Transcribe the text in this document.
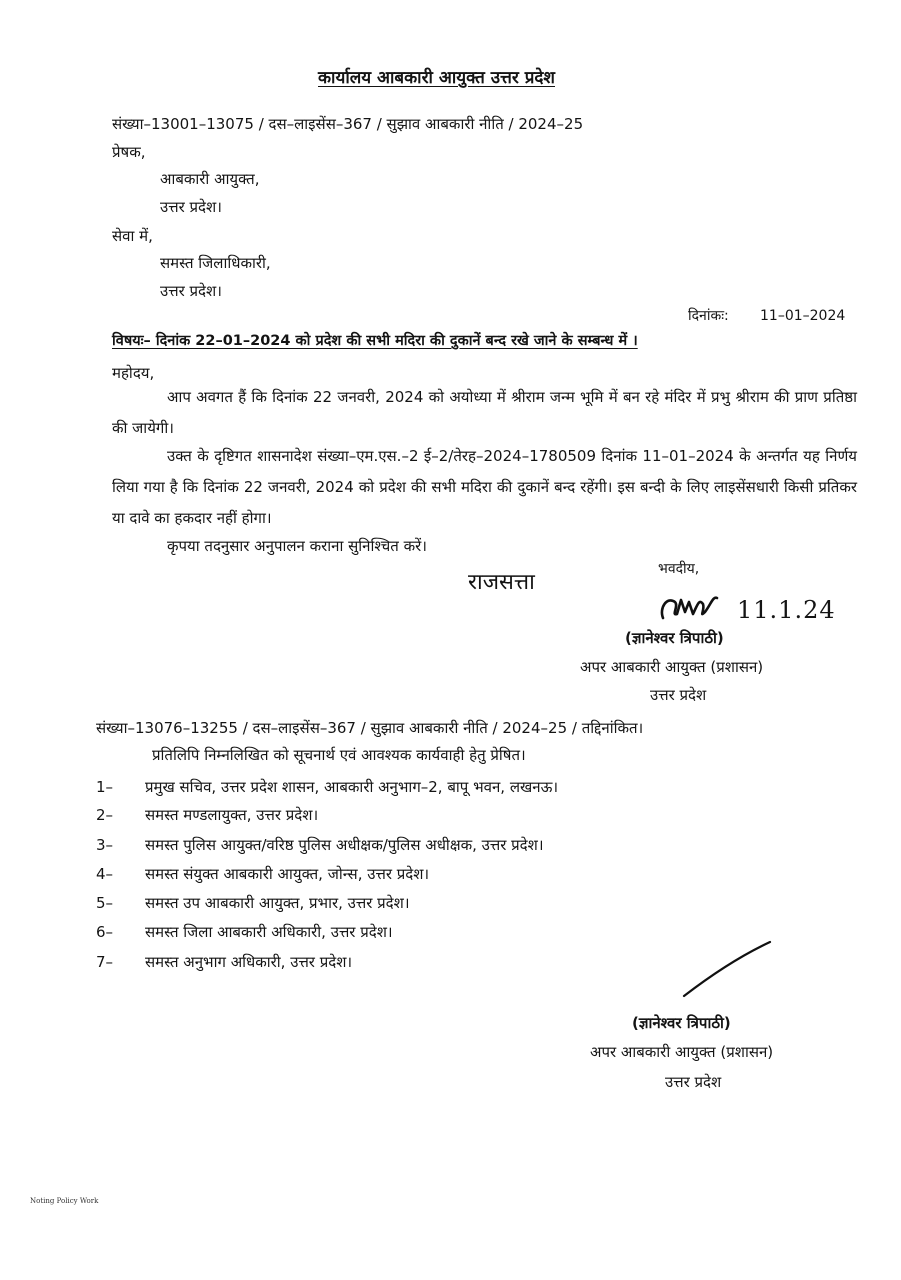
कार्यालय आबकारी आयुक्त उत्तर प्रदेश
संख्या–13001–13075 / दस–लाइसेंस–367 / सुझाव आबकारी नीति / 2024–25
प्रेषक,
आबकारी आयुक्त,
उत्तर प्रदेश।
सेवा में,
समस्त जिलाधिकारी,
उत्तर प्रदेश।
दिनांकः: 11–01–2024
विषयः– दिनांक 22–01–2024 को प्रदेश की सभी मदिरा की दुकानें बन्द रखे जाने के सम्बन्ध में ।
महोदय,
आप अवगत हैं कि दिनांक 22 जनवरी, 2024 को अयोध्या में श्रीराम जन्म भूमि में बन रहे मंदिर में प्रभु श्रीराम की प्राण प्रतिष्ठा की जायेगी।
उक्त के दृष्टिगत शासनादेश संख्या–एम.एस.–2 ई–2/तेरह–2024–1780509 दिनांक 11–01–2024 के अन्तर्गत यह निर्णय लिया गया है कि दिनांक 22 जनवरी, 2024 को प्रदेश की सभी मदिरा की दुकानें बन्द रहेंगी। इस बन्दी के लिए लाइसेंसधारी किसी प्रतिकर या दावे का हकदार नहीं होगा।
कृपया तदनुसार अनुपालन कराना सुनिश्चित करें।
भवदीय,
राजसत्ता
11.1.24
(ज्ञानेश्वर त्रिपाठी)
अपर आबकारी आयुक्त (प्रशासन)
उत्तर प्रदेश
संख्या–13076–13255 / दस–लाइसेंस–367 / सुझाव आबकारी नीति / 2024–25 / तद्दिनांकित।
प्रतिलिपि निम्नलिखित को सूचनार्थ एवं आवश्यक कार्यवाही हेतु प्रेषित।
1– प्रमुख सचिव, उत्तर प्रदेश शासन, आबकारी अनुभाग–2, बापू भवन, लखनऊ।
2– समस्त मण्डलायुक्त, उत्तर प्रदेश।
3– समस्त पुलिस आयुक्त/वरिष्ठ पुलिस अधीक्षक/पुलिस अधीक्षक, उत्तर प्रदेश।
4– समस्त संयुक्त आबकारी आयुक्त, जोन्स, उत्तर प्रदेश।
5– समस्त उप आबकारी आयुक्त, प्रभार, उत्तर प्रदेश।
6– समस्त जिला आबकारी अधिकारी, उत्तर प्रदेश।
7– समस्त अनुभाग अधिकारी, उत्तर प्रदेश।
(ज्ञानेश्वर त्रिपाठी)
अपर आबकारी आयुक्त (प्रशासन)
उत्तर प्रदेश
Noting Policy Work
